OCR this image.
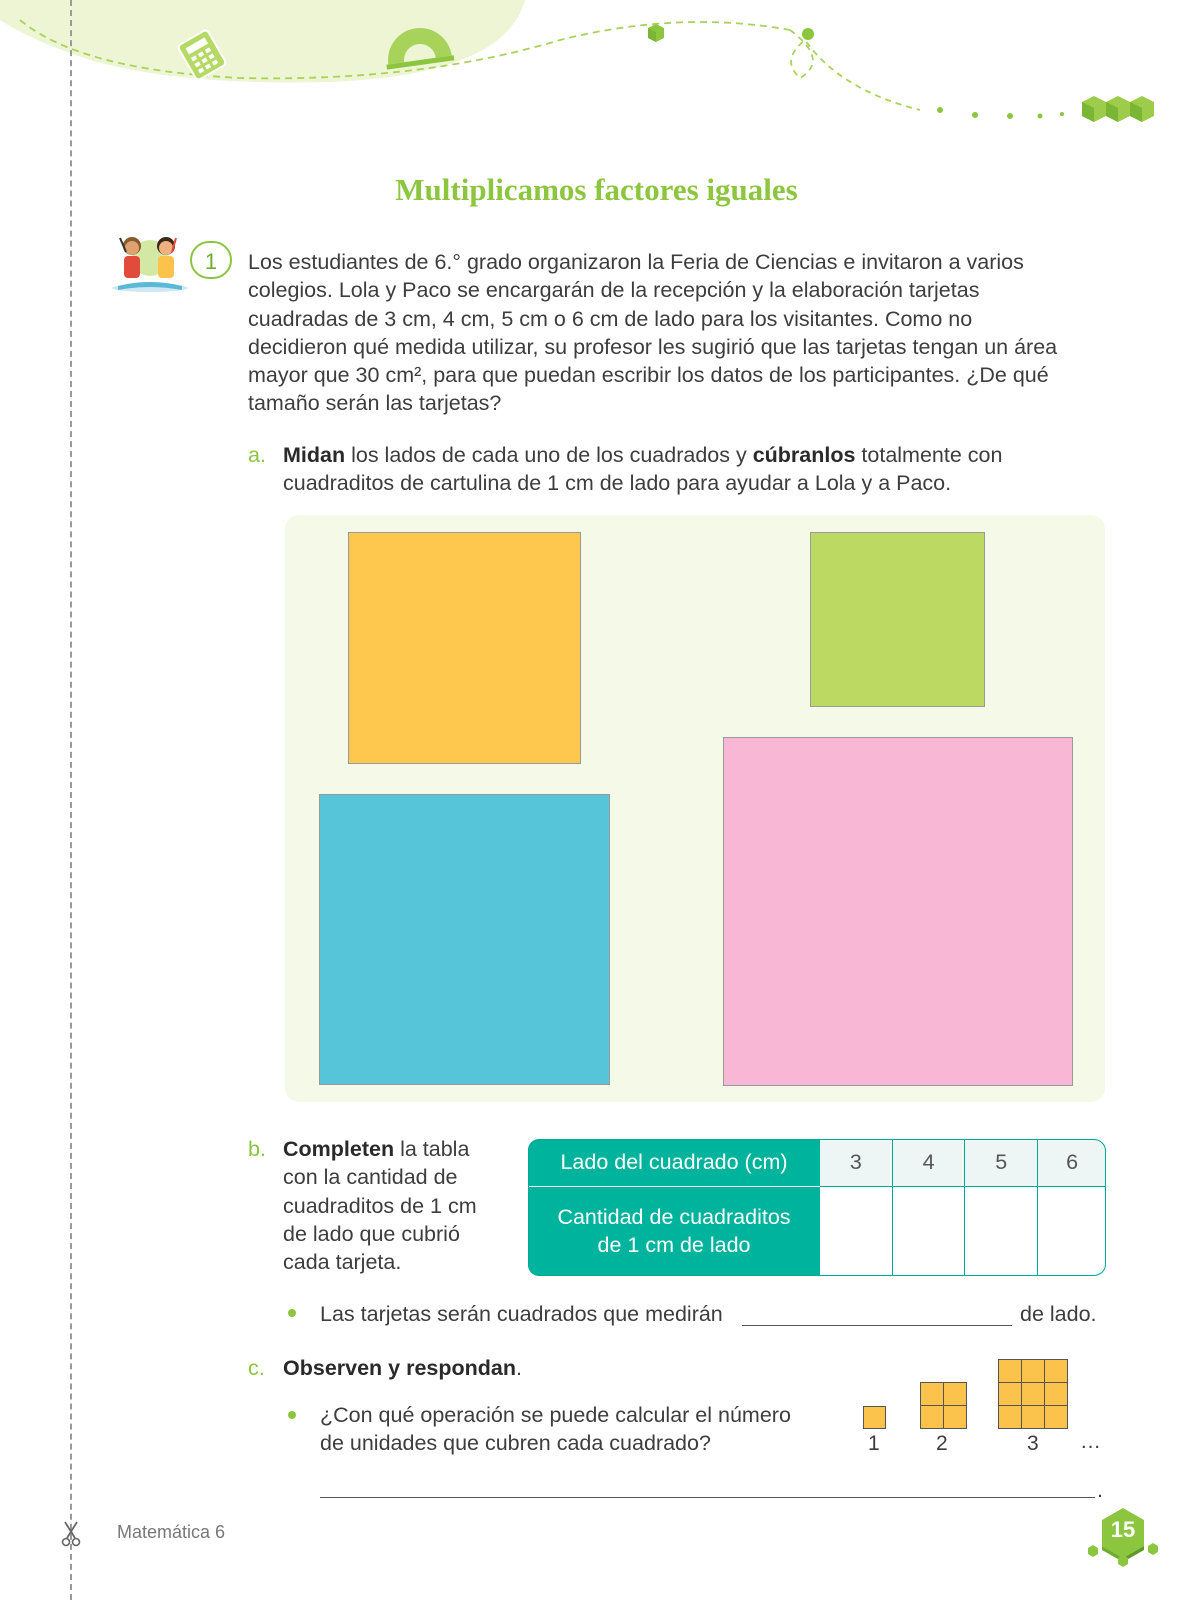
Multiplicamos factores iguales
1	Los estudiantes de 6.° grado organizaron la Feria de Ciencias e invitaron a varios
colegios. Lola y Paco se encargarán de la recepción y la elaboración tarjetas
cuadradas de 3 cm, 4 cm, 5 cm o 6 cm de lado para los visitantes. Como no
decidieron qué medida utilizar, su profesor les sugirió que las tarjetas tengan un área
mayor que 30 cm², para que puedan escribir los datos de los participantes. ¿De qué
tamaño serán las tarjetas?
a. Midan los lados de cada uno de los cuadrados y cúbranlos totalmente con
cuadraditos de cartulina de 1 cm de lado para ayudar a Lola y a Paco.
b. Completen la tabla
con la cantidad de
cuadraditos de 1 cm
de lado que cubrió
cada tarjeta.
Lado del cuadrado (cm)	3	4	5	6

Cantidad de cuadraditos
de 1 cm de lado				

Las tarjetas serán cuadrados que medirán	de lado.
c. Observen y respondan.
¿Con qué operación se puede calcular el número
de unidades que cubren cada cuadrado?	1	2	3 …
.
Matemática 6	15
